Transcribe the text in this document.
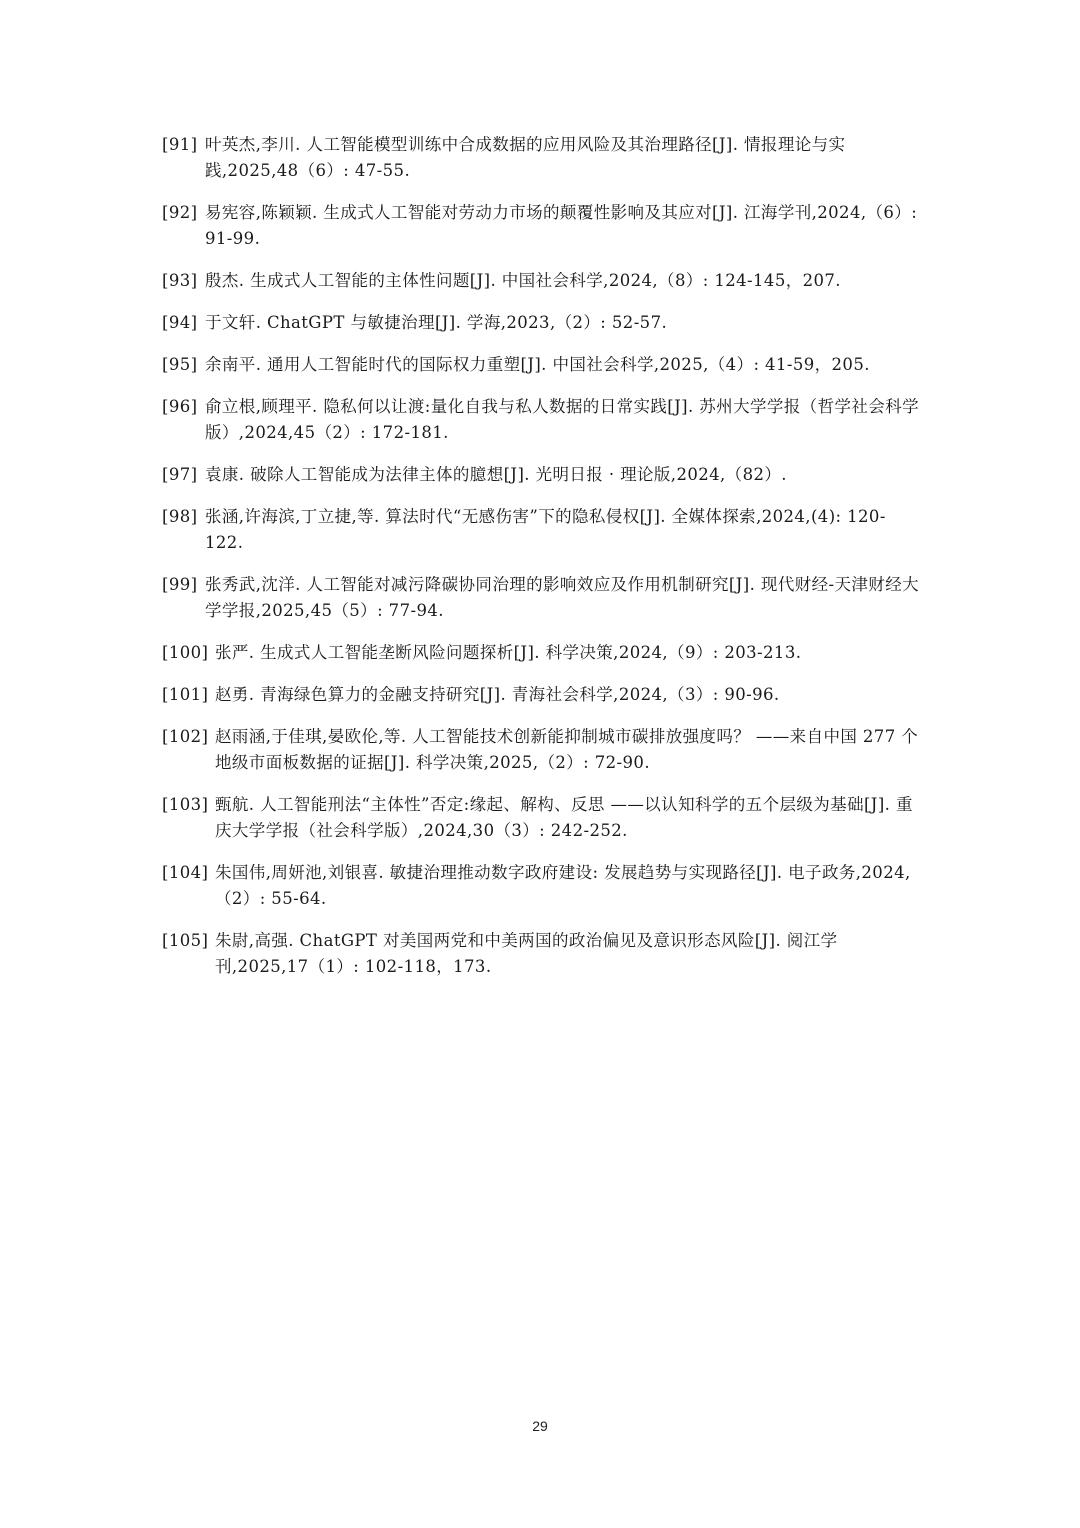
[91] 叶英杰,李川. 人工智能模型训练中合成数据的应用风险及其治理路径[J]. 情报理论与实践,2025,48（6）: 47-55.
[92] 易宪容,陈颖颖. 生成式人工智能对劳动力市场的颠覆性影响及其应对[J]. 江海学刊,2024,（6）: 91-99.
[93] 殷杰. 生成式人工智能的主体性问题[J]. 中国社会科学,2024,（8）: 124-145，207.
[94] 于文轩. ChatGPT 与敏捷治理[J]. 学海,2023,（2）: 52-57.
[95] 余南平. 通用人工智能时代的国际权力重塑[J]. 中国社会科学,2025,（4）: 41-59，205.
[96] 俞立根,顾理平. 隐私何以让渡:量化自我与私人数据的日常实践[J]. 苏州大学学报（哲学社会科学版）,2024,45（2）: 172-181.
[97] 袁康. 破除人工智能成为法律主体的臆想[J]. 光明日报 · 理论版,2024,（82）.
[98] 张涵,许海滨,丁立捷,等. 算法时代“无感伤害”下的隐私侵权[J]. 全媒体探索,2024,(4): 120-122.
[99] 张秀武,沈洋. 人工智能对减污降碳协同治理的影响效应及作用机制研究[J]. 现代财经-天津财经大学学报,2025,45（5）: 77-94.
[100] 张严. 生成式人工智能垄断风险问题探析[J]. 科学决策,2024,（9）: 203-213.
[101] 赵勇. 青海绿色算力的金融支持研究[J]. 青海社会科学,2024,（3）: 90-96.
[102] 赵雨涵,于佳琪,晏欧伦,等. 人工智能技术创新能抑制城市碳排放强度吗？ ——来自中国 277 个地级市面板数据的证据[J]. 科学决策,2025,（2）: 72-90.
[103] 甄航. 人工智能刑法“主体性”否定:缘起、解构、反思 ——以认知科学的五个层级为基础[J]. 重庆大学学报（社会科学版）,2024,30（3）: 242-252.
[104] 朱国伟,周妍池,刘银喜. 敏捷治理推动数字政府建设: 发展趋势与实现路径[J]. 电子政务,2024,（2）: 55-64.
[105] 朱尉,高强. ChatGPT 对美国两党和中美两国的政治偏见及意识形态风险[J]. 阅江学刊,2025,17（1）: 102-118，173.
29
